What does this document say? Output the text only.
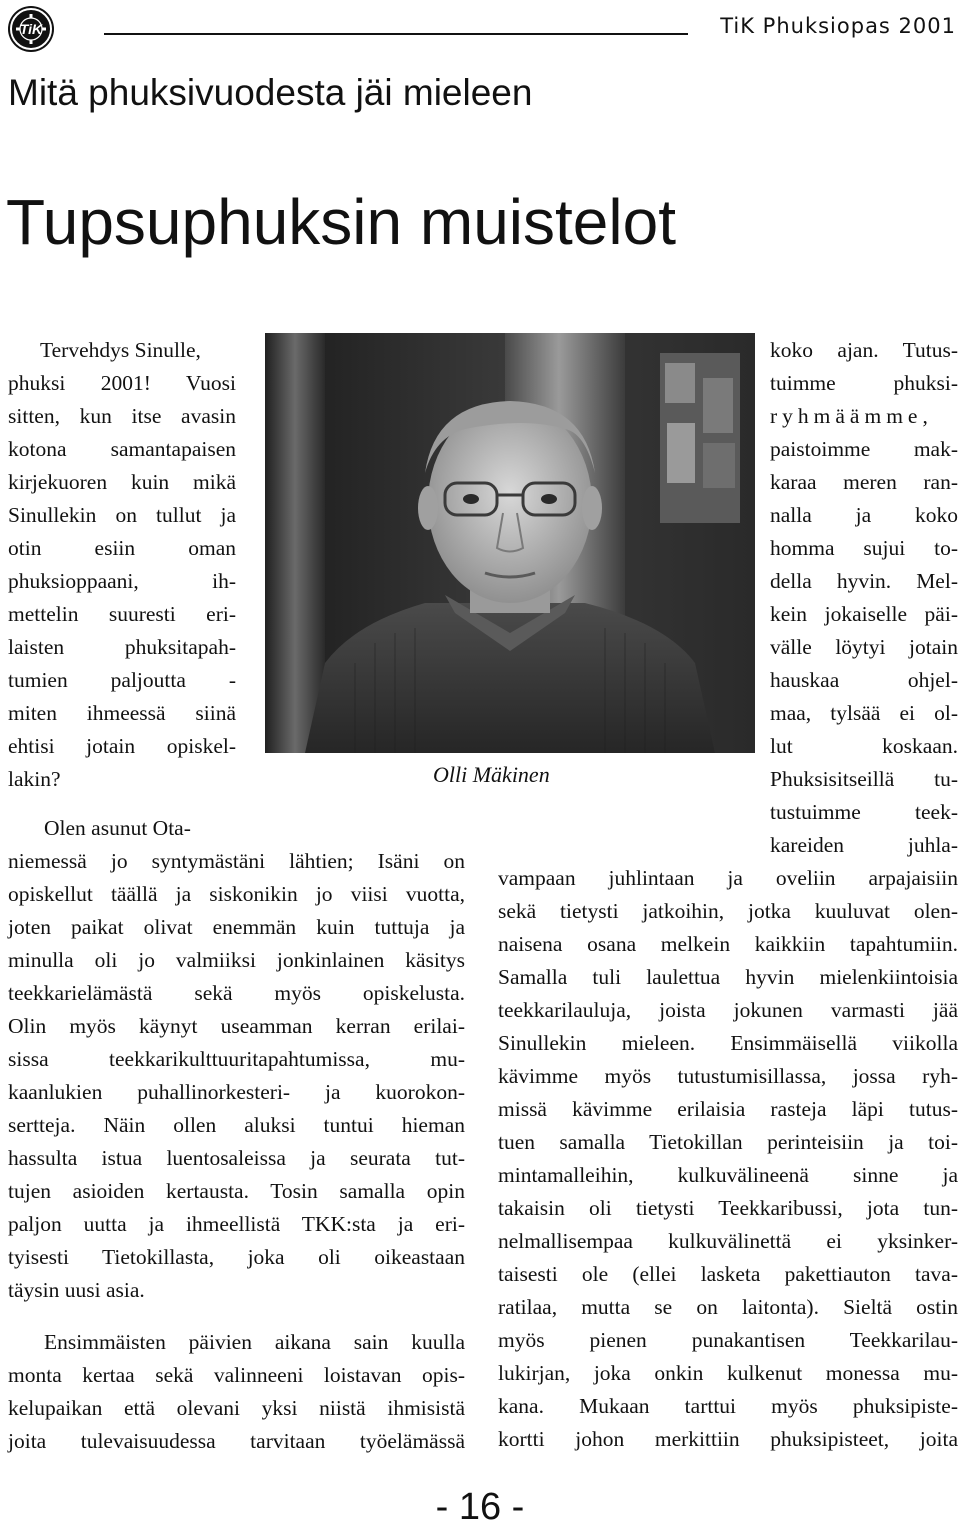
TiK	TiK Phuksiopas 2001
Mitä phuksivuodesta jäi mieleen
Tupsuphuksin muistelot
Olli Mäkinen
Tervehdys Sinulle,
phuksi 2001! Vuosi
sitten, kun itse avasin
kotona samantapaisen
kirjekuoren kuin mikä
Sinullekin on tullut ja
otin esiin oman
phuksioppaani, ih-
mettelin suuresti eri-
laisten phuksitapah-
tumien paljoutta -
miten ihmeessä siinä
ehtisi jotain opiskel-
lakin?
Olen asunut Ota-
niemessä jo syntymästäni lähtien; Isäni on
opiskellut täällä ja siskonikin jo viisi vuotta,
joten paikat olivat enemmän kuin tuttuja ja
minulla oli jo valmiiksi jonkinlainen käsitys
teekkarielämästä sekä myös opiskelusta.
Olin myös käynyt useamman kerran erilai-
sissa teekkarikulttuuritapahtumissa, mu-
kaanlukien puhallinorkesteri- ja kuorokon-
sertteja. Näin ollen aluksi tuntui hieman
hassulta istua luentosaleissa ja seurata tut-
tujen asioiden kertausta. Tosin samalla opin
paljon uutta ja ihmeellistä TKK:sta ja eri-
tyisesti Tietokillasta, joka oli oikeastaan
täysin uusi asia.
Ensimmäisten päivien aikana sain kuulla
monta kertaa sekä valinneeni loistavan opis-
kelupaikan että olevani yksi niistä ihmisistä
joita tulevaisuudessa tarvitaan työelämässä
koko ajan. Tutus-
tuimme phuksi-
ryhmäämme,
paistoimme mak-
karaa meren ran-
nalla ja koko
homma sujui to-
della hyvin. Mel-
kein jokaiselle päi-
välle löytyi jotain
hauskaa ohjel-
maa, tylsää ei ol-
lut koskaan.
Phuksisitseillä tu-
tustuimme teek-
kareiden juhla-
vampaan juhlintaan ja oveliin arpajaisiin
sekä tietysti jatkoihin, jotka kuuluvat olen-
naisena osana melkein kaikkiin tapahtumiin.
Samalla tuli laulettua hyvin mielenkiintoisia
teekkarilauluja, joista jokunen varmasti jää
Sinullekin mieleen. Ensimmäisellä viikolla
kävimme myös tutustumisillassa, jossa ryh-
missä kävimme erilaisia rasteja läpi tutus-
tuen samalla Tietokillan perinteisiin ja toi-
mintamalleihin, kulkuvälineenä sinne ja
takaisin oli tietysti Teekkaribussi, jota tun-
nelmallisempaa kulkuvälinettä ei yksinker-
taisesti ole (ellei lasketa pakettiauton tava-
ratilaa, mutta se on laitonta). Sieltä ostin
myös pienen punakantisen Teekkarilau-
lukirjan, joka onkin kulkenut monessa mu-
kana. Mukaan tarttui myös phuksipiste-
kortti johon merkittiin phuksipisteet, joita
- 16 -
